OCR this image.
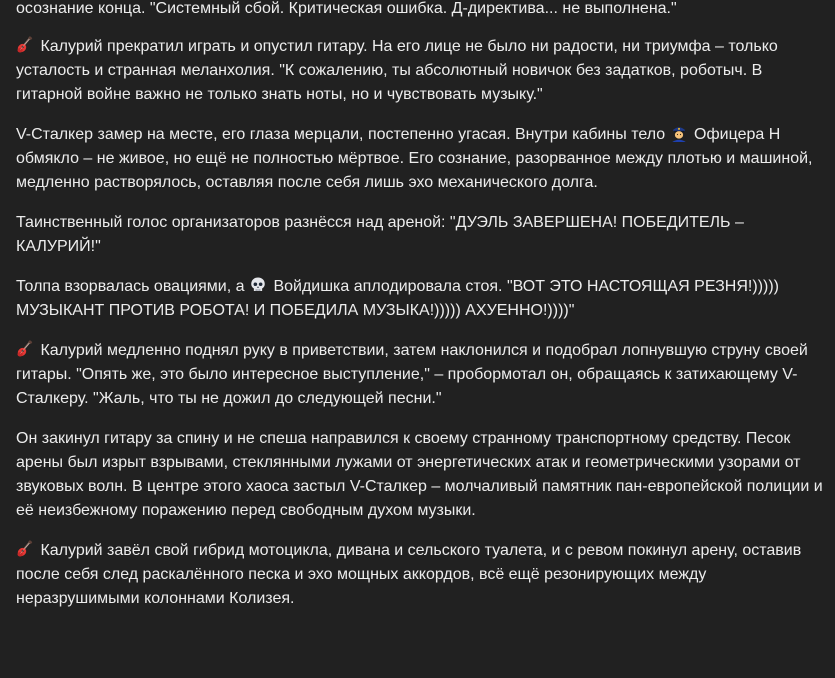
осознание конца. "Системный сбой. Критическая ошибка. Д-директива... не выполнена."

Калурий прекратил играть и опустил гитару. На его лице не было ни радости, ни триумфа – только усталость и странная меланхолия. "К сожалению, ты абсолютный новичок без задатков, роботыч. В гитарной войне важно не только знать ноты, но и чувствовать музыку."

V-Сталкер замер на месте, его глаза мерцали, постепенно угасая. Внутри кабины тело Офицера Н обмякло – не живое, но ещё не полностью мёртвое. Его сознание, разорванное между плотью и машиной, медленно растворялось, оставляя после себя лишь эхо механического долга.

Таинственный голос организаторов разнёсся над ареной: "ДУЭЛЬ ЗАВЕРШЕНА! ПОБЕДИТЕЛЬ – КАЛУРИЙ!"

Толпа взорвалась овациями, а Войдишка аплодировала стоя. "ВОТ ЭТО НАСТОЯЩАЯ РЕЗНЯ!))))) МУЗЫКАНТ ПРОТИВ РОБОТА! И ПОБЕДИЛА МУЗЫКА!))))) АХУЕННО!))))"

Калурий медленно поднял руку в приветствии, затем наклонился и подобрал лопнувшую струну своей гитары. "Опять же, это было интересное выступление," – пробормотал он, обращаясь к затихающему V-Сталкеру. "Жаль, что ты не дожил до следующей песни."

Он закинул гитару за спину и не спеша направился к своему странному транспортному средству. Песок арены был изрыт взрывами, стеклянными лужами от энергетических атак и геометрическими узорами от звуковых волн. В центре этого хаоса застыл V-Сталкер – молчаливый памятник пан-европейской полиции и её неизбежному поражению перед свободным духом музыки.

Калурий завёл свой гибрид мотоцикла, дивана и сельского туалета, и с ревом покинул арену, оставив после себя след раскалённого песка и эхо мощных аккордов, всё ещё резонирующих между неразрушимыми колоннами Колизея.
